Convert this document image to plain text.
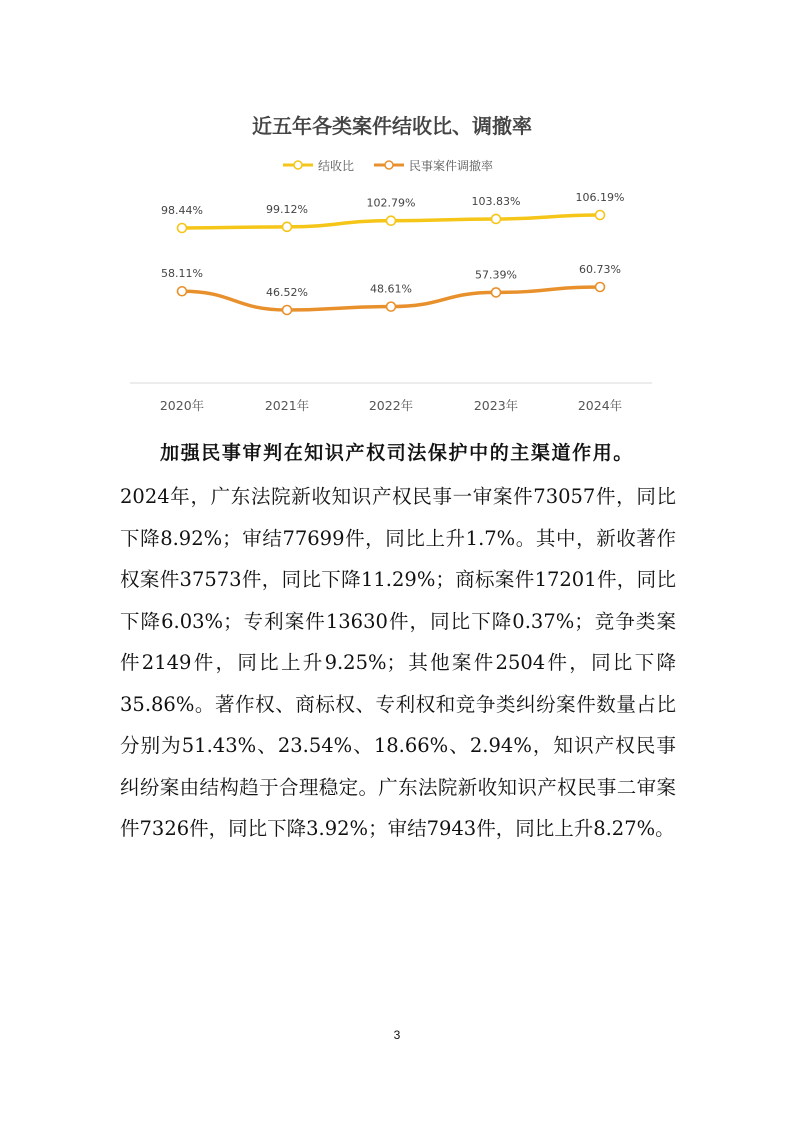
近五年各类案件结收比、调撤率
结收比	民事案件调撤率
98.44%	99.12%	102.79%	103.83%	106.19%
58.11%
46.52%	48.61%
57.39%	60.73%
2020年	2021年	2022年	2023年	2024年
加强民事审判在知识产权司法保护中的主渠道作用。

2024年，广东法院新收知识产权民事一审案件73057件，同比下降8.92%；审结77699件，同比上升1.7%。其中，新收著作权案件37573件，同比下降11.29%；商标案件17201件，同比下降6.03%；专利案件13630件，同比下降0.37%；竞争类案件2149件，同比上升9.25%；其他案件2504件，同比下降35.86%。著作权、商标权、专利权和竞争类纠纷案件数量占比分别为51.43%、23.54%、18.66%、2.94%，知识产权民事纠纷案由结构趋于合理稳定。广东法院新收知识产权民事二审案件7326件，同比下降3.92%；审结7943件，同比上升8.27%。

3
